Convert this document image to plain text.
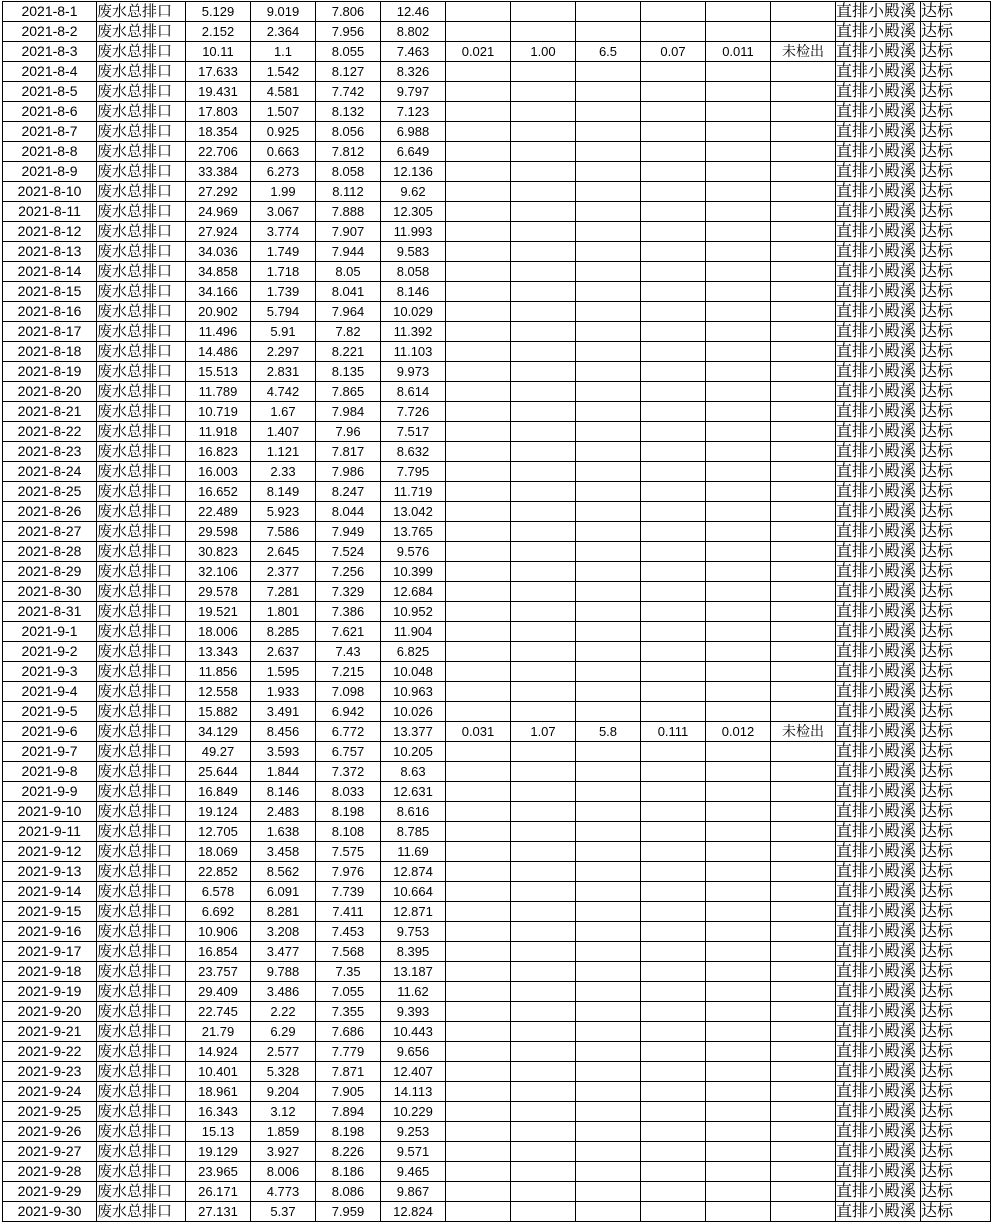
2021-8-1	废水总排口	5.129	9.019	7.806	12.46							直排小殿溪	达标
2021-8-2	废水总排口	2.152	2.364	7.956	8.802							直排小殿溪	达标
2021-8-3	废水总排口	10.11	1.1	8.055	7.463	0.021	1.00	6.5	0.07	0.011	未检出	直排小殿溪	达标
2021-8-4	废水总排口	17.633	1.542	8.127	8.326							直排小殿溪	达标
2021-8-5	废水总排口	19.431	4.581	7.742	9.797							直排小殿溪	达标
2021-8-6	废水总排口	17.803	1.507	8.132	7.123							直排小殿溪	达标
2021-8-7	废水总排口	18.354	0.925	8.056	6.988							直排小殿溪	达标
2021-8-8	废水总排口	22.706	0.663	7.812	6.649							直排小殿溪	达标
2021-8-9	废水总排口	33.384	6.273	8.058	12.136							直排小殿溪	达标
2021-8-10	废水总排口	27.292	1.99	8.112	9.62							直排小殿溪	达标
2021-8-11	废水总排口	24.969	3.067	7.888	12.305							直排小殿溪	达标
2021-8-12	废水总排口	27.924	3.774	7.907	11.993							直排小殿溪	达标
2021-8-13	废水总排口	34.036	1.749	7.944	9.583							直排小殿溪	达标
2021-8-14	废水总排口	34.858	1.718	8.05	8.058							直排小殿溪	达标
2021-8-15	废水总排口	34.166	1.739	8.041	8.146							直排小殿溪	达标
2021-8-16	废水总排口	20.902	5.794	7.964	10.029							直排小殿溪	达标
2021-8-17	废水总排口	11.496	5.91	7.82	11.392							直排小殿溪	达标
2021-8-18	废水总排口	14.486	2.297	8.221	11.103							直排小殿溪	达标
2021-8-19	废水总排口	15.513	2.831	8.135	9.973							直排小殿溪	达标
2021-8-20	废水总排口	11.789	4.742	7.865	8.614							直排小殿溪	达标
2021-8-21	废水总排口	10.719	1.67	7.984	7.726							直排小殿溪	达标
2021-8-22	废水总排口	11.918	1.407	7.96	7.517							直排小殿溪	达标
2021-8-23	废水总排口	16.823	1.121	7.817	8.632							直排小殿溪	达标
2021-8-24	废水总排口	16.003	2.33	7.986	7.795							直排小殿溪	达标
2021-8-25	废水总排口	16.652	8.149	8.247	11.719							直排小殿溪	达标
2021-8-26	废水总排口	22.489	5.923	8.044	13.042							直排小殿溪	达标
2021-8-27	废水总排口	29.598	7.586	7.949	13.765							直排小殿溪	达标
2021-8-28	废水总排口	30.823	2.645	7.524	9.576							直排小殿溪	达标
2021-8-29	废水总排口	32.106	2.377	7.256	10.399							直排小殿溪	达标
2021-8-30	废水总排口	29.578	7.281	7.329	12.684							直排小殿溪	达标
2021-8-31	废水总排口	19.521	1.801	7.386	10.952							直排小殿溪	达标
2021-9-1	废水总排口	18.006	8.285	7.621	11.904							直排小殿溪	达标
2021-9-2	废水总排口	13.343	2.637	7.43	6.825							直排小殿溪	达标
2021-9-3	废水总排口	11.856	1.595	7.215	10.048							直排小殿溪	达标
2021-9-4	废水总排口	12.558	1.933	7.098	10.963							直排小殿溪	达标
2021-9-5	废水总排口	15.882	3.491	6.942	10.026							直排小殿溪	达标
2021-9-6	废水总排口	34.129	8.456	6.772	13.377	0.031	1.07	5.8	0.111	0.012	未检出	直排小殿溪	达标
2021-9-7	废水总排口	49.27	3.593	6.757	10.205							直排小殿溪	达标
2021-9-8	废水总排口	25.644	1.844	7.372	8.63							直排小殿溪	达标
2021-9-9	废水总排口	16.849	8.146	8.033	12.631							直排小殿溪	达标
2021-9-10	废水总排口	19.124	2.483	8.198	8.616							直排小殿溪	达标
2021-9-11	废水总排口	12.705	1.638	8.108	8.785							直排小殿溪	达标
2021-9-12	废水总排口	18.069	3.458	7.575	11.69							直排小殿溪	达标
2021-9-13	废水总排口	22.852	8.562	7.976	12.874							直排小殿溪	达标
2021-9-14	废水总排口	6.578	6.091	7.739	10.664							直排小殿溪	达标
2021-9-15	废水总排口	6.692	8.281	7.411	12.871							直排小殿溪	达标
2021-9-16	废水总排口	10.906	3.208	7.453	9.753							直排小殿溪	达标
2021-9-17	废水总排口	16.854	3.477	7.568	8.395							直排小殿溪	达标
2021-9-18	废水总排口	23.757	9.788	7.35	13.187							直排小殿溪	达标
2021-9-19	废水总排口	29.409	3.486	7.055	11.62							直排小殿溪	达标
2021-9-20	废水总排口	22.745	2.22	7.355	9.393							直排小殿溪	达标
2021-9-21	废水总排口	21.79	6.29	7.686	10.443							直排小殿溪	达标
2021-9-22	废水总排口	14.924	2.577	7.779	9.656							直排小殿溪	达标
2021-9-23	废水总排口	10.401	5.328	7.871	12.407							直排小殿溪	达标
2021-9-24	废水总排口	18.961	9.204	7.905	14.113							直排小殿溪	达标
2021-9-25	废水总排口	16.343	3.12	7.894	10.229							直排小殿溪	达标
2021-9-26	废水总排口	15.13	1.859	8.198	9.253							直排小殿溪	达标
2021-9-27	废水总排口	19.129	3.927	8.226	9.571							直排小殿溪	达标
2021-9-28	废水总排口	23.965	8.006	8.186	9.465							直排小殿溪	达标
2021-9-29	废水总排口	26.171	4.773	8.086	9.867							直排小殿溪	达标
2021-9-30	废水总排口	27.131	5.37	7.959	12.824							直排小殿溪	达标
